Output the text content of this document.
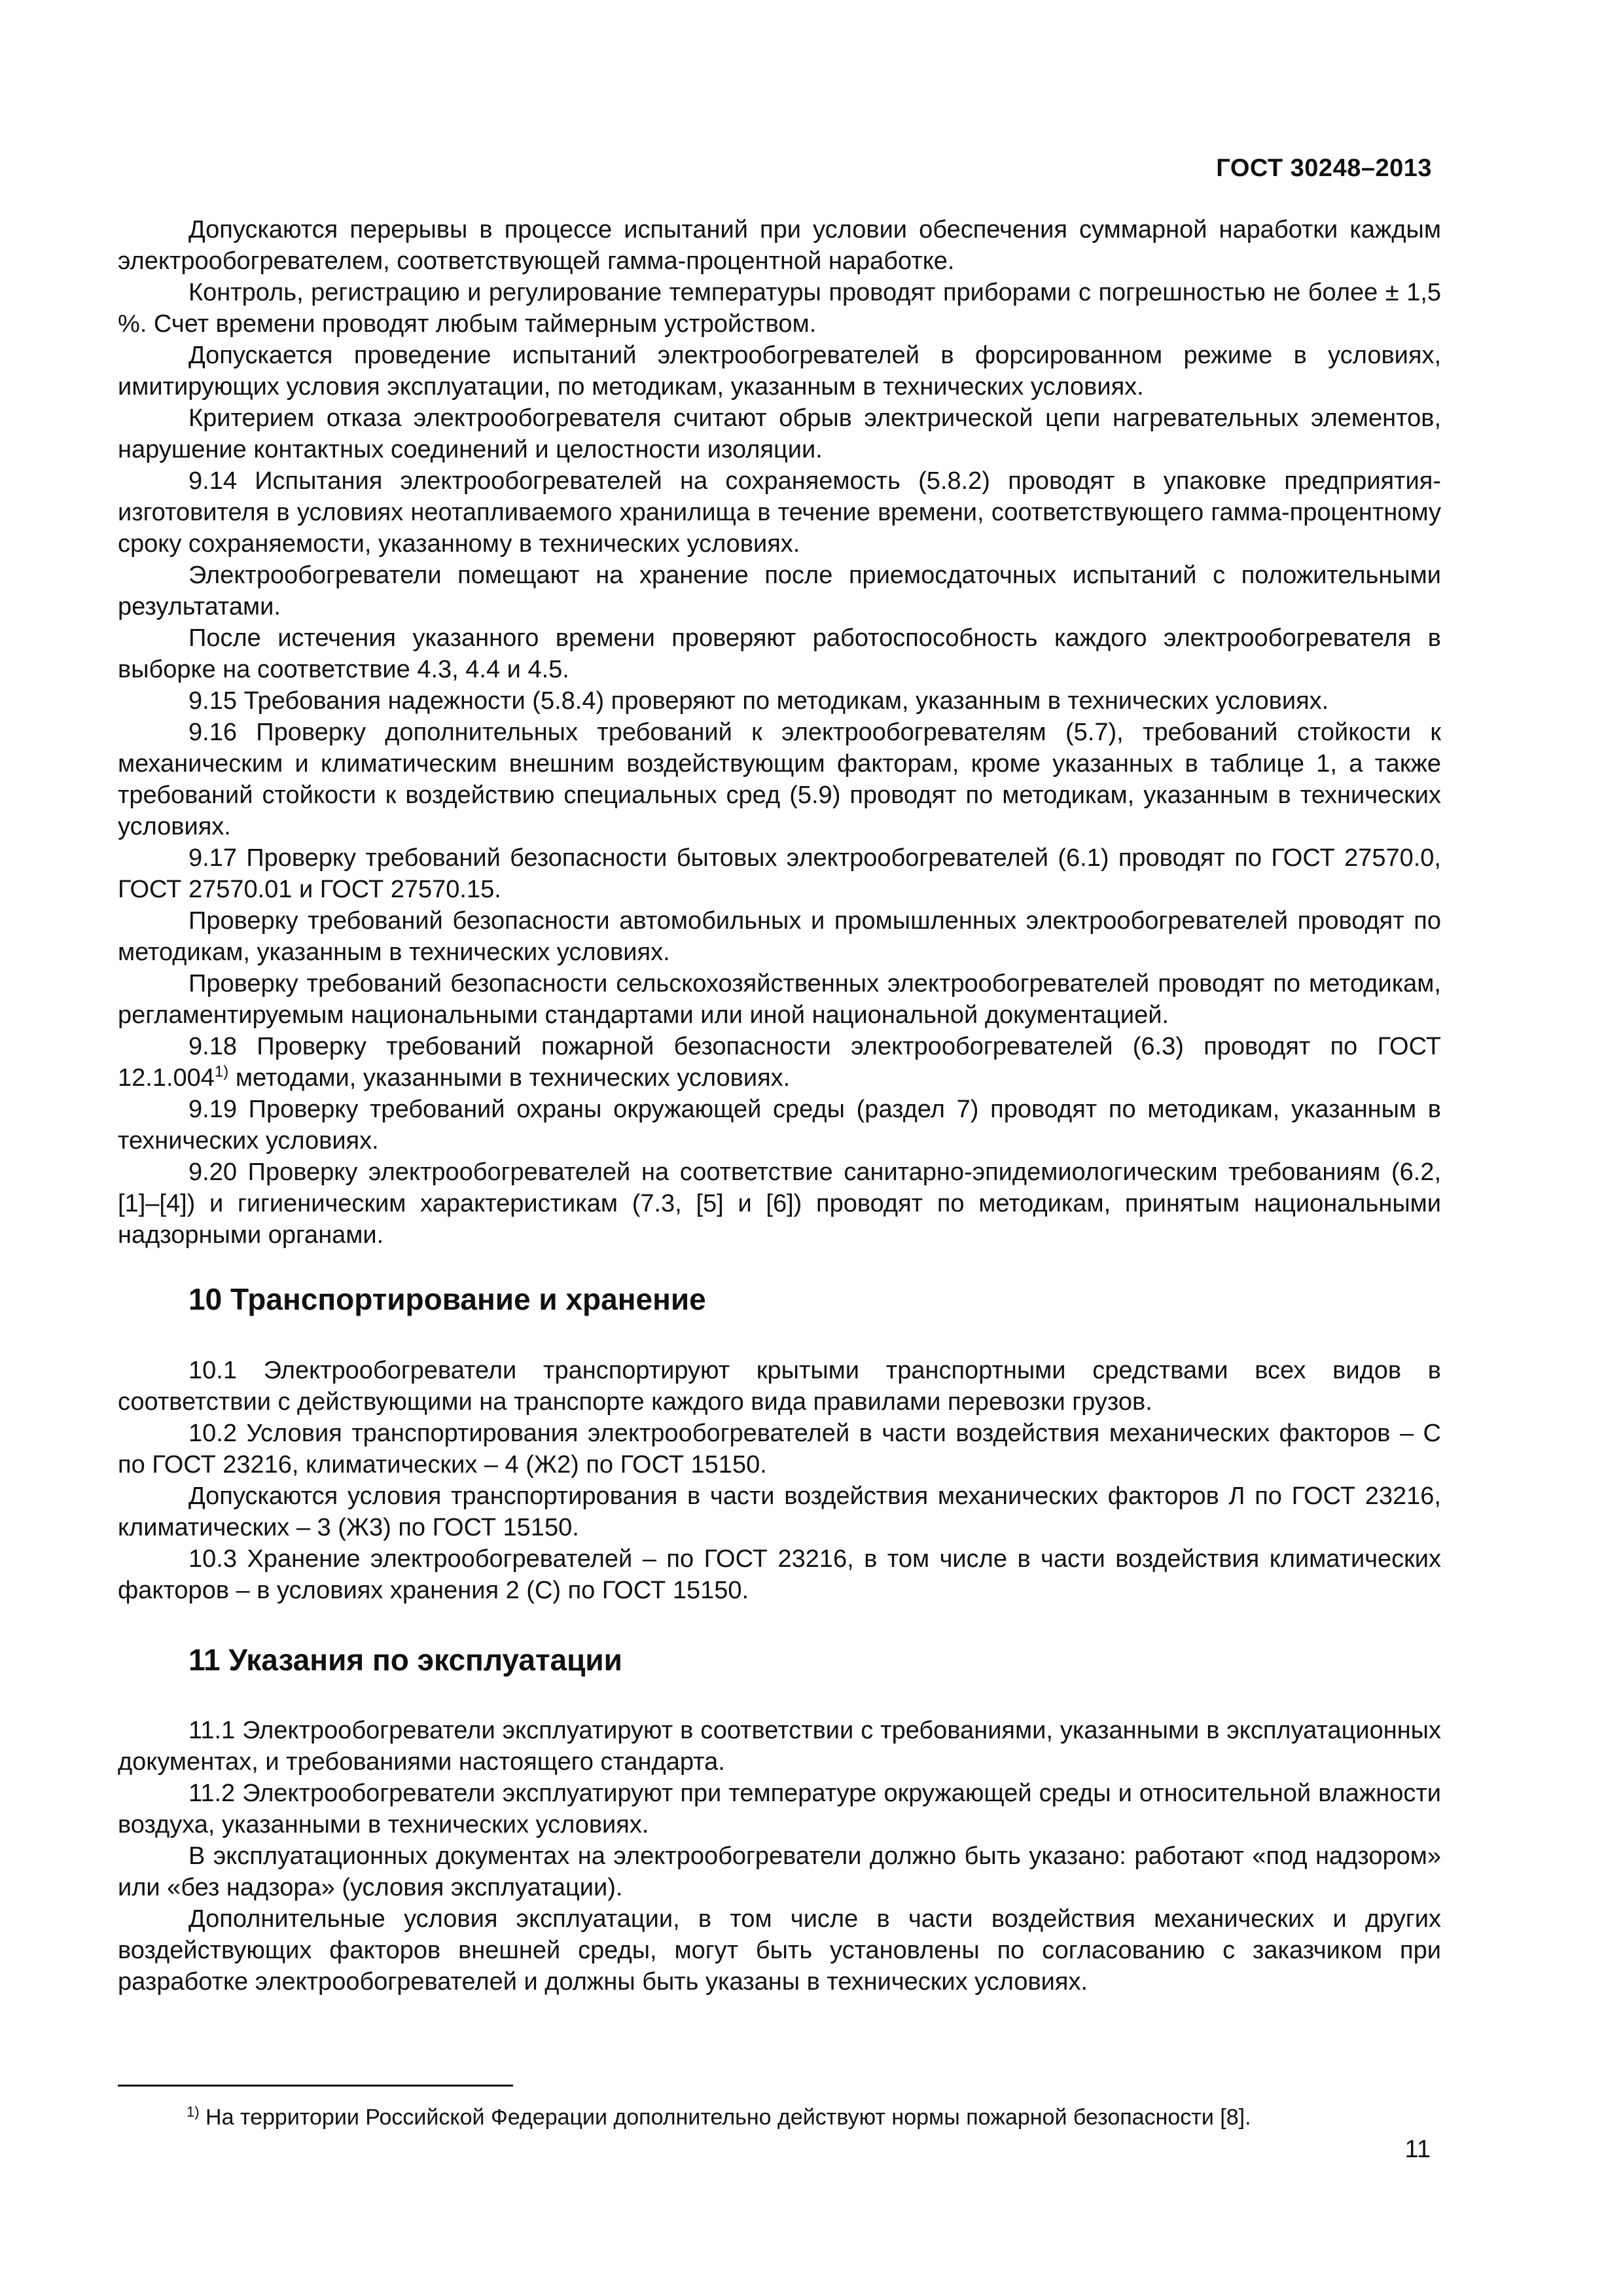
ГОСТ 30248–2013

Допускаются перерывы в процессе испытаний при условии обеспечения суммарной наработки каждым электрообогревателем, соответствующей гамма-процентной наработке.

Контроль, регистрацию и регулирование температуры проводят приборами с погрешностью не более ± 1,5 %. Счет времени проводят любым таймерным устройством.

Допускается проведение испытаний электрообогревателей в форсированном режиме в условиях, имитирующих условия эксплуатации, по методикам, указанным в технических условиях.

Критерием отказа электрообогревателя считают обрыв электрической цепи нагревательных элементов, нарушение контактных соединений и целостности изоляции.

9.14 Испытания электрообогревателей на сохраняемость (5.8.2) проводят в упаковке предприятия-изготовителя в условиях неотапливаемого хранилища в течение времени, соответствующего гамма-процентному сроку сохраняемости, указанному в технических условиях.

Электрообогреватели помещают на хранение после приемосдаточных испытаний с положительными результатами.

После истечения указанного времени проверяют работоспособность каждого электрообогревателя в выборке на соответствие 4.3, 4.4 и 4.5.

9.15 Требования надежности (5.8.4) проверяют по методикам, указанным в технических условиях.

9.16 Проверку дополнительных требований к электрообогревателям (5.7), требований стойкости к механическим и климатическим внешним воздействующим факторам, кроме указанных в таблице 1, а также требований стойкости к воздействию специальных сред (5.9) проводят по методикам, указанным в технических условиях.

9.17 Проверку требований безопасности бытовых электрообогревателей (6.1) проводят по ГОСТ 27570.0, ГОСТ 27570.01 и ГОСТ 27570.15.

Проверку требований безопасности автомобильных и промышленных электрообогревателей проводят по методикам, указанным в технических условиях.

Проверку требований безопасности сельскохозяйственных электрообогревателей проводят по методикам, регламентируемым национальными стандартами или иной национальной документацией.

9.18 Проверку требований пожарной безопасности электрообогревателей (6.3) проводят по ГОСТ 12.1.004$^{1)}$ методами, указанными в технических условиях.

9.19 Проверку требований охраны окружающей среды (раздел 7) проводят по методикам, указанным в технических условиях.

9.20 Проверку электрообогревателей на соответствие санитарно-эпидемиологическим требованиям (6.2, [1]–[4]) и гигиеническим характеристикам (7.3, [5] и [6]) проводят по методикам, принятым национальными надзорными органами.

10 Транспортирование и хранение

10.1 Электрообогреватели транспортируют крытыми транспортными средствами всех видов в соответствии с действующими на транспорте каждого вида правилами перевозки грузов.

10.2 Условия транспортирования электрообогревателей в части воздействия механических факторов – С по ГОСТ 23216, климатических – 4 (Ж2) по ГОСТ 15150.

Допускаются условия транспортирования в части воздействия механических факторов Л по ГОСТ 23216, климатических – 3 (Ж3) по ГОСТ 15150.

10.3 Хранение электрообогревателей – по ГОСТ 23216, в том числе в части воздействия климатических факторов – в условиях хранения 2 (С) по ГОСТ 15150.

11 Указания по эксплуатации

11.1 Электрообогреватели эксплуатируют в соответствии с требованиями, указанными в эксплуатационных документах, и требованиями настоящего стандарта.

11.2 Электрообогреватели эксплуатируют при температуре окружающей среды и относительной влажности воздуха, указанными в технических условиях.

В эксплуатационных документах на электрообогреватели должно быть указано: работают «под надзором» или «без надзора» (условия эксплуатации).

Дополнительные условия эксплуатации, в том числе в части воздействия механических и других воздействующих факторов внешней среды, могут быть установлены по согласованию с заказчиком при разработке электрообогревателей и должны быть указаны в технических условиях.

$^{1)}$ На территории Российской Федерации дополнительно действуют нормы пожарной безопасности [8].
11
